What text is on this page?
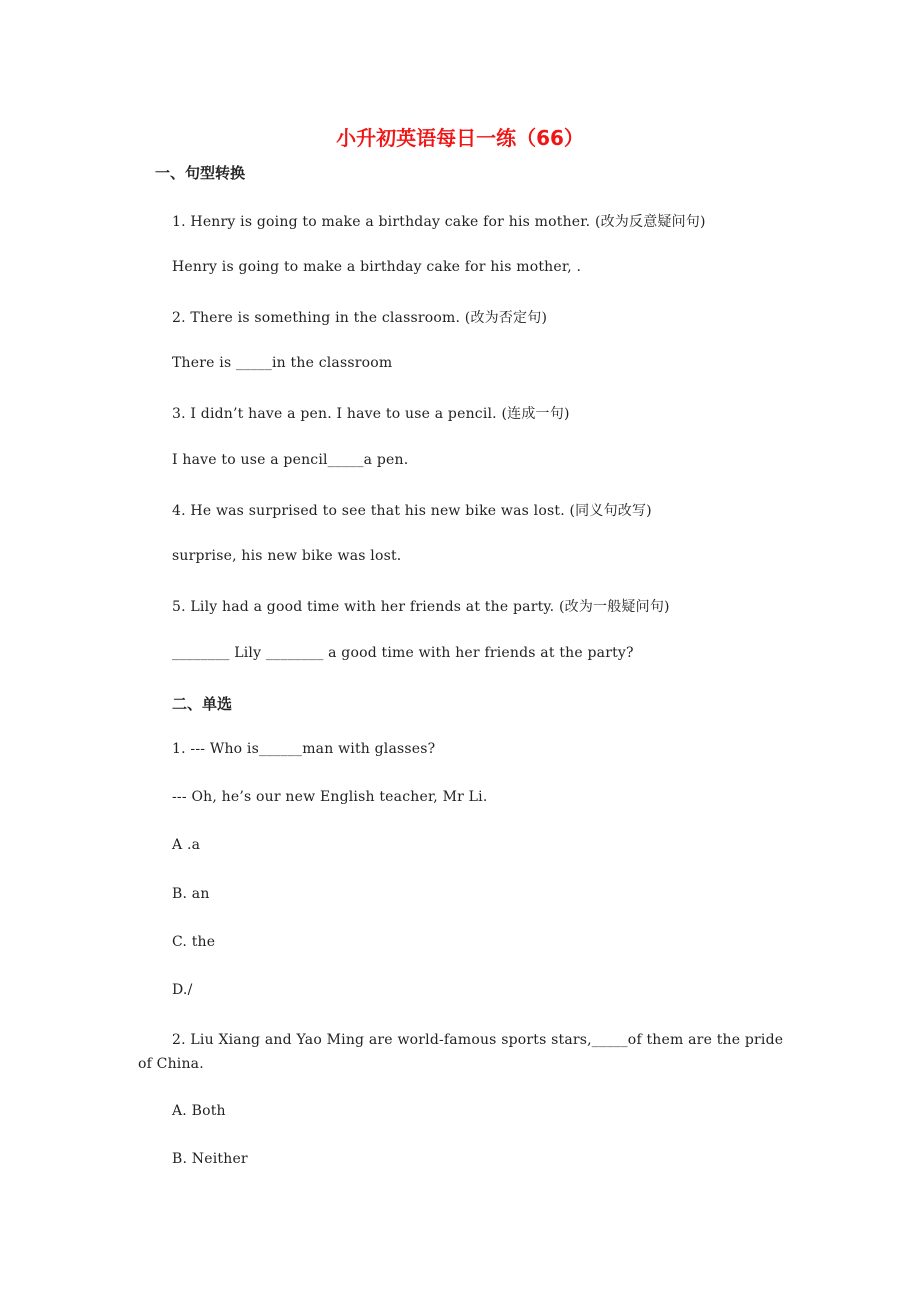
小升初英语每日一练（66）
一、句型转换
1. Henry is going to make a birthday cake for his mother. (改为反意疑问句)
Henry is going to make a birthday cake for his mother, .
2. There is something in the classroom. (改为否定句)
There is _____in the classroom
3. I didn’t have a pen. I have to use a pencil. (连成一句)
I have to use a pencil_____a pen.
4. He was surprised to see that his new bike was lost. (同义句改写)
surprise, his new bike was lost.
5. Lily had a good time with her friends at the party. (改为一般疑问句)
________ Lily ________ a good time with her friends at the party?
二、单选
1. --- Who is______man with glasses?
--- Oh, he’s our new English teacher, Mr Li.
A .a
B. an
C. the
D./
2. Liu Xiang and Yao Ming are world-famous sports stars,_____of them are the pride of China.
A. Both
B. Neither
